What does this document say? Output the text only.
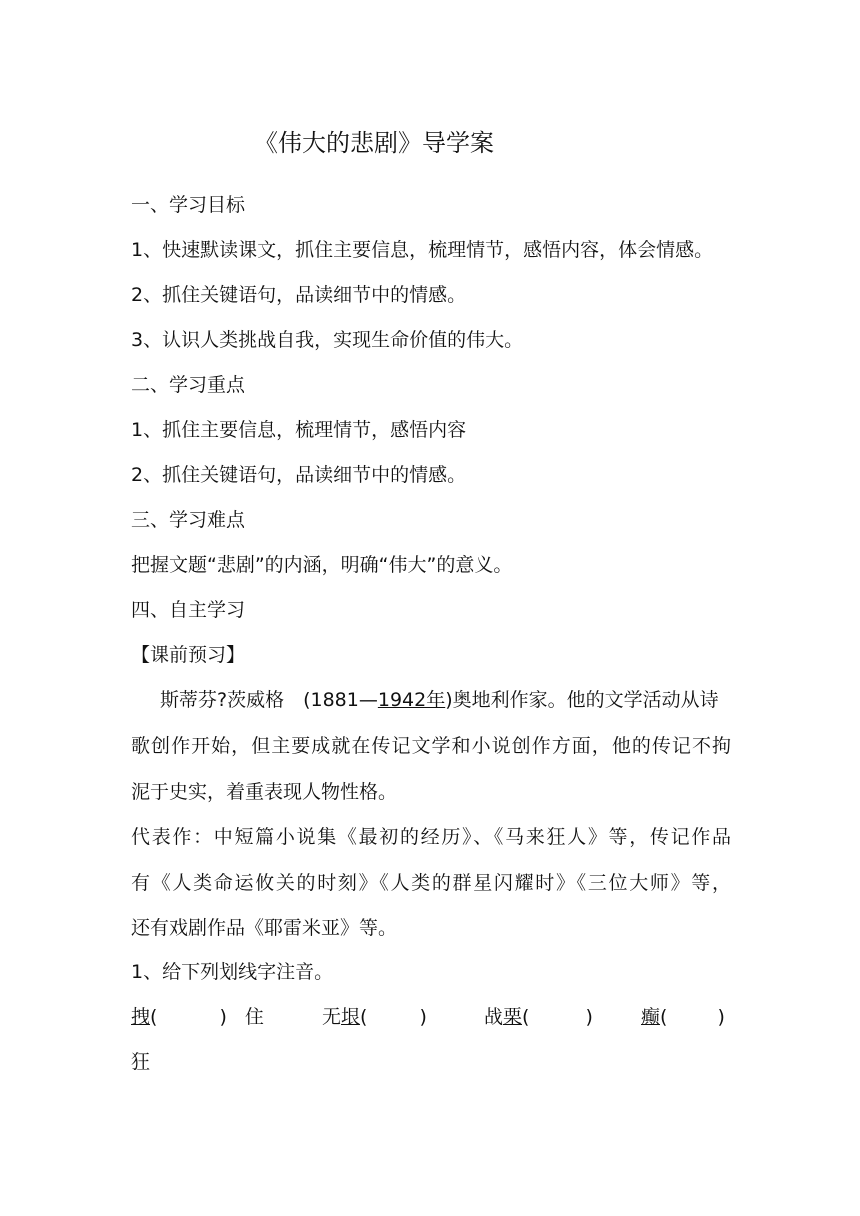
《伟大的悲剧》导学案
一、学习目标
1、快速默读课文，抓住主要信息，梳理情节，感悟内容，体会情感。
2、抓住关键语句，品读细节中的情感。
3、认识人类挑战自我，实现生命价值的伟大。
二、学习重点
1、抓住主要信息，梳理情节，感悟内容
2、抓住关键语句，品读细节中的情感。
三、学习难点
把握文题“悲剧”的内涵，明确“伟大”的意义。
四、自主学习
【课前预习】
斯蒂芬?茨威格　(1881—1942年)奥地利作家。他的文学活动从诗
歌创作开始，但主要成就在传记文学和小说创作方面，他的传记不拘
泥于史实，着重表现人物性格。
代表作：中短篇小说集《最初的经历》、《马来狂人》等，传记作品
有《人类命运攸关的时刻》《人类的群星闪耀时》《三位大师》等，
还有戏剧作品《耶雷米亚》等。
1、给下列划线字注音。
拽(	) 住	无垠(	)	战栗(	)	癫(	)
狂
